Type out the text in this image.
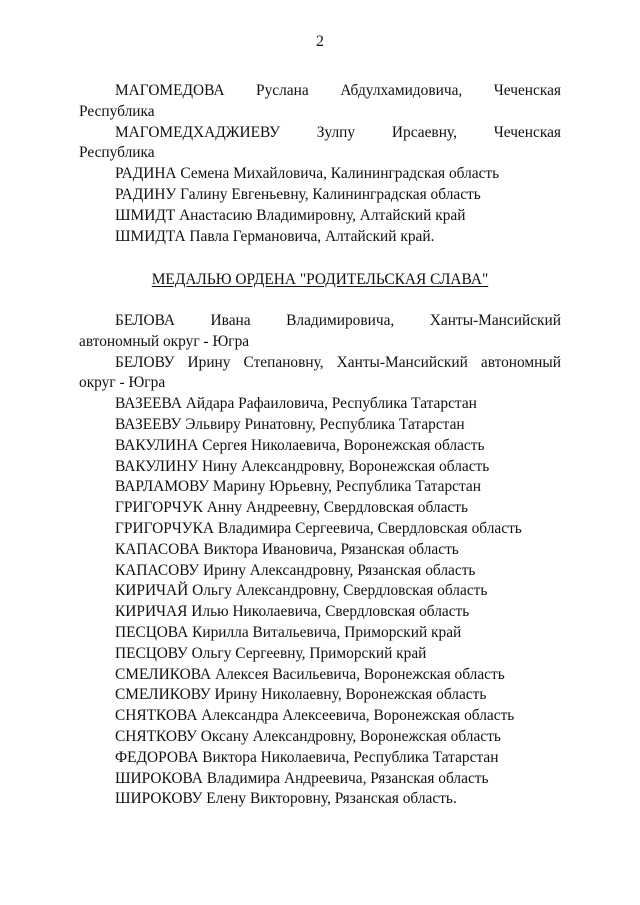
2

МАГОМЕДОВА Руслана Абдулхамидовича, Чеченская
Республика

МАГОМЕДХАДЖИЕВУ Зулпу Ирсаевну, Чеченская
Республика

РАДИНА Семена Михайловича, Калининградская область

РАДИНУ Галину Евгеньевну, Калининградская область

ШМИДТ Анастасию Владимировну, Алтайский край

ШМИДТА Павла Германовича, Алтайский край.

МЕДАЛЬЮ ОРДЕНА "РОДИТЕЛЬСКАЯ СЛАВА"

БЕЛОВА Ивана Владимировича, Ханты-Мансийский
автономный округ - Югра

БЕЛОВУ Ирину Степановну, Ханты-Мансийский автономный
округ - Югра

ВАЗЕЕВА Айдара Рафаиловича, Республика Татарстан

ВАЗЕЕВУ Эльвиру Ринатовну, Республика Татарстан

ВАКУЛИНА Сергея Николаевича, Воронежская область

ВАКУЛИНУ Нину Александровну, Воронежская область

ВАРЛАМОВУ Марину Юрьевну, Республика Татарстан

ГРИГОРЧУК Анну Андреевну, Свердловская область

ГРИГОРЧУКА Владимира Сергеевича, Свердловская область

КАПАСОВА Виктора Ивановича, Рязанская область

КАПАСОВУ Ирину Александровну, Рязанская область

КИРИЧАЙ Ольгу Александровну, Свердловская область

КИРИЧАЯ Илью Николаевича, Свердловская область

ПЕСЦОВА Кирилла Витальевича, Приморский край

ПЕСЦОВУ Ольгу Сергеевну, Приморский край

СМЕЛИКОВА Алексея Васильевича, Воронежская область

СМЕЛИКОВУ Ирину Николаевну, Воронежская область

СНЯТКОВА Александра Алексеевича, Воронежская область

СНЯТКОВУ Оксану Александровну, Воронежская область

ФЕДОРОВА Виктора Николаевича, Республика Татарстан

ШИРОКОВА Владимира Андреевича, Рязанская область

ШИРОКОВУ Елену Викторовну, Рязанская область.
